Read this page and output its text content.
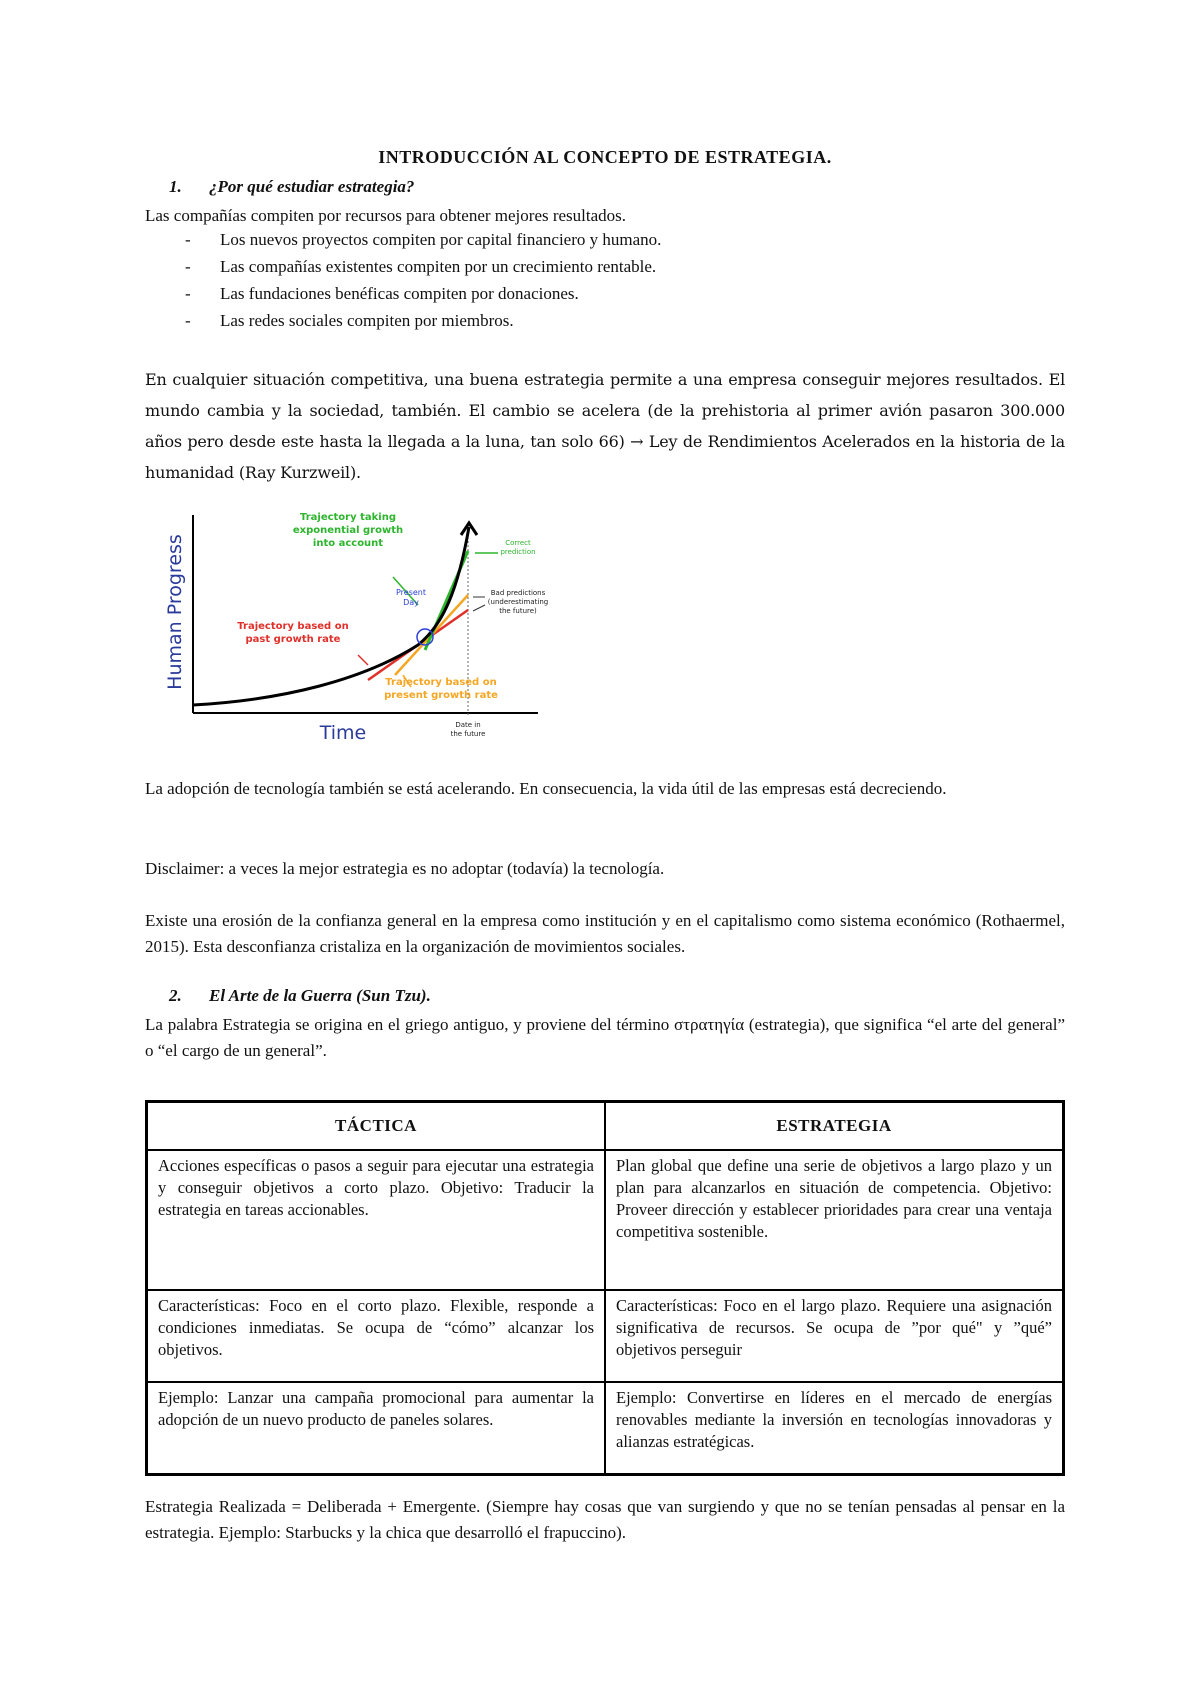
INTRODUCCIÓN AL CONCEPTO DE ESTRATEGIA.
1. ¿Por qué estudiar estrategia?
Las compañías compiten por recursos para obtener mejores resultados.
- Los nuevos proyectos compiten por capital financiero y humano.
- Las compañías existentes compiten por un crecimiento rentable.
- Las fundaciones benéficas compiten por donaciones.
- Las redes sociales compiten por miembros.
En cualquier situación competitiva, una buena estrategia permite a una empresa conseguir mejores resultados. El mundo cambia y la sociedad, también. El cambio se acelera (de la prehistoria al primer avión pasaron 300.000 años pero desde este hasta la llegada a la luna, tan solo 66) → Ley de Rendimientos Acelerados en la historia de la humanidad (Ray Kurzweil).
Human Progress
Time
Trajectory taking
exponential growth
into account	Correct
prediction
Present
Day
Bad predictions
(underestimating
the future)
Trajectory based on
past growth rate
Trajectory based on
present growth rate
Date in
the future
La adopción de tecnología también se está acelerando. En consecuencia, la vida útil de las empresas está decreciendo.
Disclaimer: a veces la mejor estrategia es no adoptar (todavía) la tecnología.
Existe una erosión de la confianza general en la empresa como institución y en el capitalismo como sistema económico (Rothaermel, 2015). Esta desconfianza cristaliza en la organización de movimientos sociales.
2. El Arte de la Guerra (Sun Tzu).
La palabra Estrategia se origina en el griego antiguo, y proviene del término στρατηγία (estrategia), que significa “el arte del general” o “el cargo de un general”.
TÁCTICA	ESTRATEGIA
Acciones específicas o pasos a seguir para ejecutar una estrategia y conseguir objetivos a corto plazo. Objetivo: Traducir la estrategia en tareas accionables.	Plan global que define una serie de objetivos a largo plazo y un plan para alcanzarlos en situación de competencia. Objetivo: Proveer dirección y establecer prioridades para crear una ventaja competitiva sostenible.
Características: Foco en el corto plazo. Flexible, responde a condiciones inmediatas. Se ocupa de “cómo” alcanzar los objetivos.	Características: Foco en el largo plazo. Requiere una asignación significativa de recursos. Se ocupa de ”por qué" y ”qué” objetivos perseguir
Ejemplo: Lanzar una campaña promocional para aumentar la adopción de un nuevo producto de paneles solares.	Ejemplo: Convertirse en líderes en el mercado de energías renovables mediante la inversión en tecnologías innovadoras y alianzas estratégicas.
Estrategia Realizada = Deliberada + Emergente. (Siempre hay cosas que van surgiendo y que no se tenían pensadas al pensar en la estrategia. Ejemplo: Starbucks y la chica que desarrolló el frapuccino).
